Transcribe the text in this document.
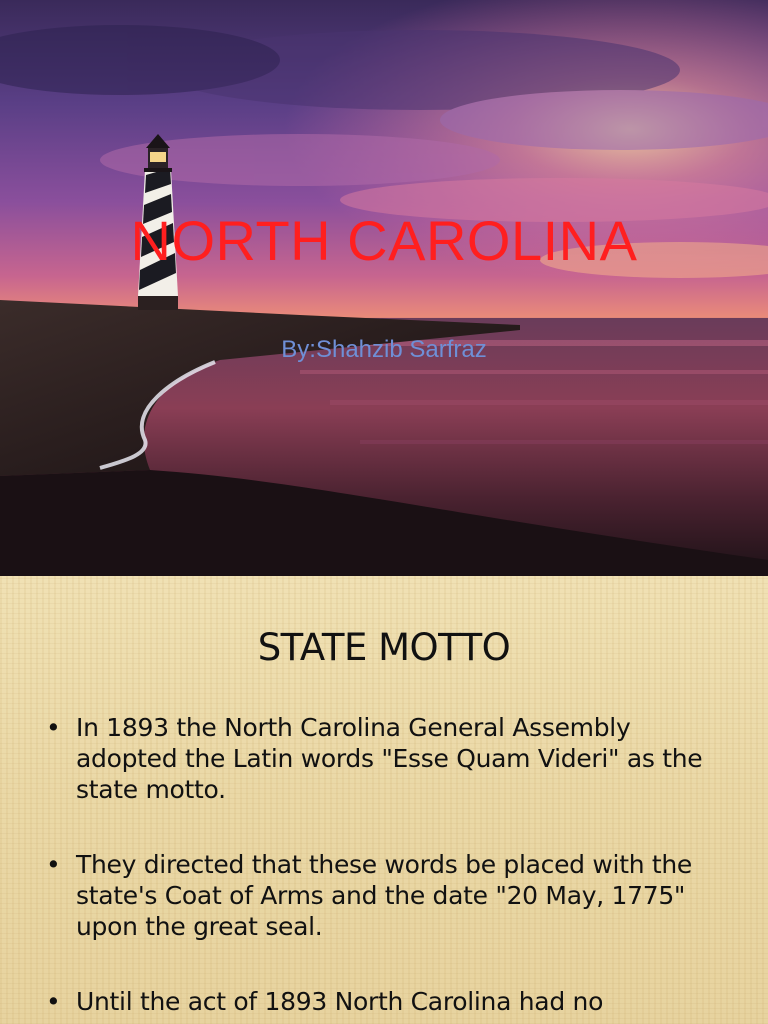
NORTH CAROLINA

By:Shahzib Sarfraz

STATE MOTTO
• In 1893 the North Carolina General Assembly adopted the Latin words "Esse Quam Videri" as the state motto.
• They directed that these words be placed with the state's Coat of Arms and the date "20 May, 1775" upon the great seal.
• Until the act of 1893 North Carolina had no
